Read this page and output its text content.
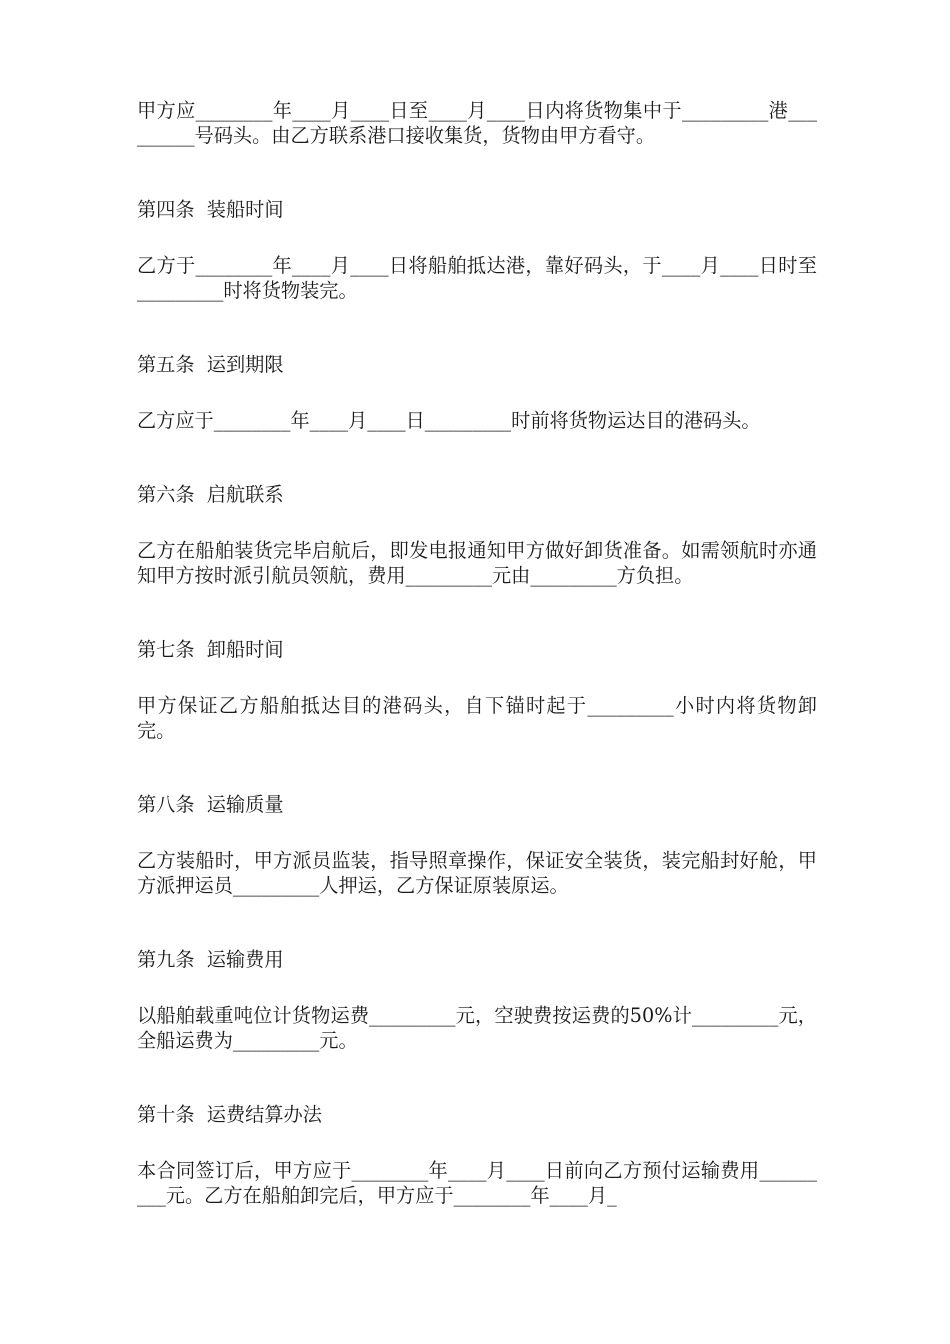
甲方应________年____月____日至____月____日内将货物集中于_________港_________号码头。由乙方联系港口接收集货，货物由甲方看守。

第四条  装船时间

乙方于________年____月____日将船舶抵达港，靠好码头，于____月____日时至_________时将货物装完。

第五条  运到期限

乙方应于________年____月____日_________时前将货物运达目的港码头。

第六条  启航联系

乙方在船舶装货完毕启航后，即发电报通知甲方做好卸货准备。如需领航时亦通知甲方按时派引航员领航，费用_________元由_________方负担。

第七条  卸船时间

甲方保证乙方船舶抵达目的港码头，自下锚时起于_________小时内将货物卸完。

第八条  运输质量

乙方装船时，甲方派员监装，指导照章操作，保证安全装货，装完船封好舱，甲方派押运员_________人押运，乙方保证原装原运。

第九条  运输费用

以船舶载重吨位计货物运费_________元，空驶费按运费的50%计_________元，全船运费为_________元。

第十条  运费结算办法

本合同签订后，甲方应于________年____月____日前向乙方预付运输费用_________元。乙方在船舶卸完后，甲方应于________年____月_
